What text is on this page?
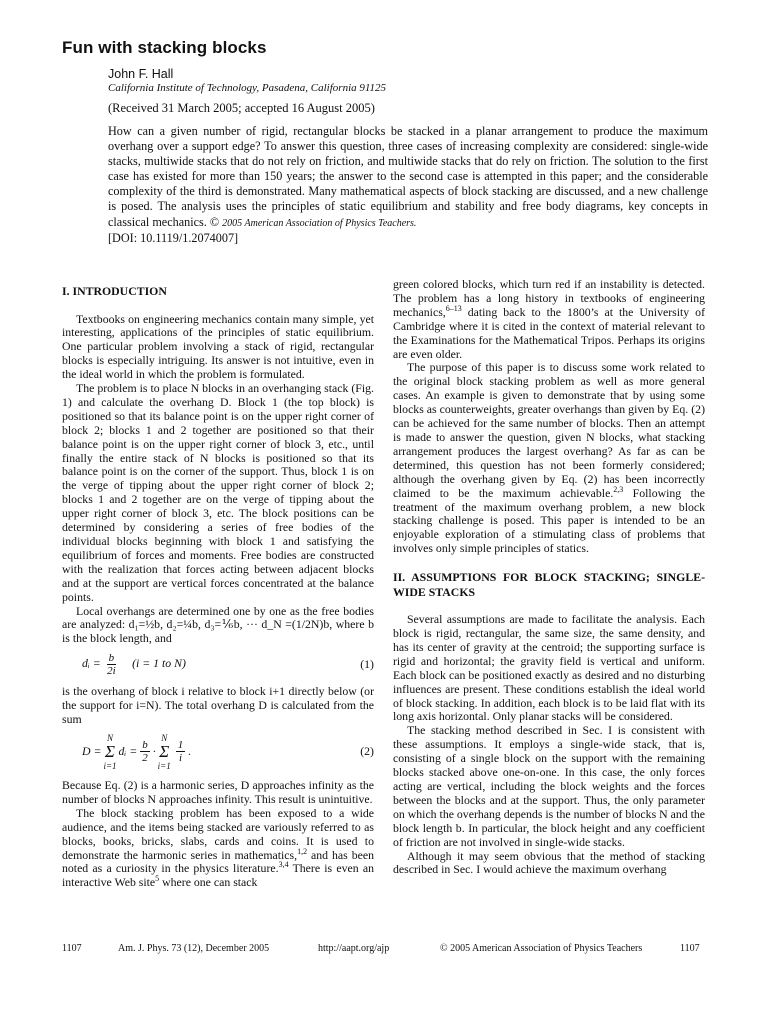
Fun with stacking blocks
John F. Hall
California Institute of Technology, Pasadena, California 91125
(Received 31 March 2005; accepted 16 August 2005)
How can a given number of rigid, rectangular blocks be stacked in a planar arrangement to produce the maximum overhang over a support edge? To answer this question, three cases of increasing complexity are considered: single-wide stacks, multiwide stacks that do not rely on friction, and multiwide stacks that do rely on friction. The solution to the first case has existed for more than 150 years; the answer to the second case is attempted in this paper; and the considerable complexity of the third is demonstrated. Many mathematical aspects of block stacking are discussed, and a new challenge is posed. The analysis uses the principles of static equilibrium and stability and free body diagrams, key concepts in classical mechanics. © 2005 American Association of Physics Teachers.
[DOI: 10.1119/1.2074007]
I. INTRODUCTION

Textbooks on engineering mechanics contain many simple, yet interesting, applications of the principles of static equilibrium. One particular problem involving a stack of rigid, rectangular blocks is especially intriguing. Its answer is not intuitive, even in the ideal world in which the problem is formulated.

The problem is to place N blocks in an overhanging stack (Fig. 1) and calculate the overhang D. Block 1 (the top block) is positioned so that its balance point is on the upper right corner of block 2; blocks 1 and 2 together are positioned so that their balance point is on the upper right corner of block 3, etc., until finally the entire stack of N blocks is positioned so that its balance point is on the corner of the support. Thus, block 1 is on the verge of tipping about the upper right corner of block 2; blocks 1 and 2 together are on the verge of tipping about the upper right corner of block 3, etc. The block positions can be determined by considering a series of free bodies of the individual blocks beginning with block 1 and satisfying the equilibrium of forces and moments. Free bodies are constructed with the realization that forces acting between adjacent blocks and at the support are vertical forces concentrated at the balance points.

Local overhangs are determined one by one as the free bodies are analyzed: d₁=½b, d₂=¼b, d₃=⅙b, ··· d_N =(1/2N)b, where b is the block length, and

dᵢ = $\frac{b}{2i} (i = 1$ to N)	(1)

is the overhang of block i relative to block i+1 directly below (or the support for i=N). The total overhang D is calculated from the sum

D =
N
Σ
i=1
dᵢ = $\frac{b}{2}$ ·
N
Σ
i=1
$\frac{1}{i}$ .	(2)

Because Eq. (2) is a harmonic series, D approaches infinity as the number of blocks N approaches infinity. This result is unintuitive.

The block stacking problem has been exposed to a wide audience, and the items being stacked are variously referred to as blocks, books, bricks, slabs, cards and coins. It is used to demonstrate the harmonic series in mathematics,$^{1,2}$ and has been noted as a curiosity in the physics literature.$^{3,4}$ There is even an interactive Web site$^5$ where one can stack

green colored blocks, which turn red if an instability is detected. The problem has a long history in textbooks of engineering mechanics,$^{6-13}$ dating back to the 1800’s at the University of Cambridge where it is cited in the context of material relevant to the Examinations for the Mathematical Tripos. Perhaps its origins are even older.

The purpose of this paper is to discuss some work related to the original block stacking problem as well as more general cases. An example is given to demonstrate that by using some blocks as counterweights, greater overhangs than given by Eq. (2) can be achieved for the same number of blocks. Then an attempt is made to answer the question, given N blocks, what stacking arrangement produces the largest overhang? As far as can be determined, this question has not been formerly considered; although the overhang given by Eq. (2) has been incorrectly claimed to be the maximum achievable.$^{2,3}$ Following the treatment of the maximum overhang problem, a new block stacking challenge is posed. This paper is intended to be an enjoyable exploration of a stimulating class of problems that involves only simple principles of statics.

II. ASSUMPTIONS FOR BLOCK STACKING; SINGLE-WIDE STACKS

Several assumptions are made to facilitate the analysis. Each block is rigid, rectangular, the same size, the same density, and has its center of gravity at the centroid; the supporting surface is rigid and horizontal; the gravity field is vertical and uniform. Each block can be positioned exactly as desired and no disturbing influences are present. These conditions establish the ideal world of block stacking. In addition, each block is to be laid flat with its long axis horizontal. Only planar stacks will be considered.

The stacking method described in Sec. I is consistent with these assumptions. It employs a single-wide stack, that is, consisting of a single block on the support with the remaining blocks stacked above one-on-one. In this case, the only forces acting are vertical, including the block weights and the forces between the blocks and at the support. Thus, the only parameter on which the overhang depends is the number of blocks N and the block length b. In particular, the block height and any coefficient of friction are not involved in single-wide stacks.

Although it may seem obvious that the method of stacking described in Sec. I would achieve the maximum overhang

1107	Am. J. Phys. 73 (12), December 2005	http://aapt.org/ajp	© 2005 American Association of Physics Teachers	1107
